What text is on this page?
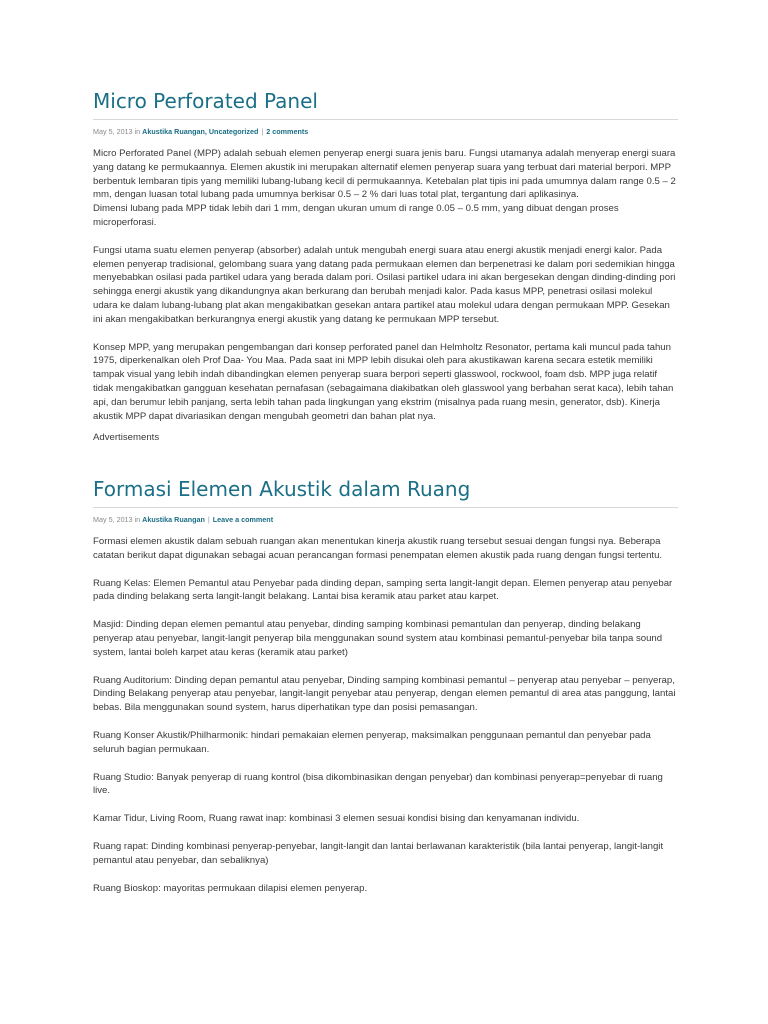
Micro Perforated Panel
May 5, 2013 in Akustika Ruangan, Uncategorized | 2 comments

Micro Perforated Panel (MPP) adalah sebuah elemen penyerap energi suara jenis baru. Fungsi utamanya adalah menyerap energi suara yang datang ke permukaannya. Elemen akustik ini merupakan alternatif elemen penyerap suara yang terbuat dari material berpori. MPP berbentuk lembaran tipis yang memiliki lubang-lubang kecil di permukaannya. Ketebalan plat tipis ini pada umumnya dalam range 0.5 – 2 mm, dengan luasan total lubang pada umumnya berkisar 0.5 – 2 % dari luas total plat, tergantung dari aplikasinya.

Dimensi lubang pada MPP tidak lebih dari 1 mm, dengan ukuran umum di range 0.05 – 0.5 mm, yang dibuat dengan proses microperforasi.

Fungsi utama suatu elemen penyerap (absorber) adalah untuk mengubah energi suara atau energi akustik menjadi energi kalor. Pada elemen penyerap tradisional, gelombang suara yang datang pada permukaan elemen dan berpenetrasi ke dalam pori sedemikian hingga menyebabkan osilasi pada partikel udara yang berada dalam pori. Osilasi partikel udara ini akan bergesekan dengan dinding-dinding pori sehingga energi akustik yang dikandungnya akan berkurang dan berubah menjadi kalor. Pada kasus MPP, penetrasi osilasi molekul udara ke dalam lubang-lubang plat akan mengakibatkan gesekan antara partikel atau molekul udara dengan permukaan MPP. Gesekan ini akan mengakibatkan berkurangnya energi akustik yang datang ke permukaan MPP tersebut.

Konsep MPP, yang merupakan pengembangan dari konsep perforated panel dan Helmholtz Resonator, pertama kali muncul pada tahun 1975, diperkenalkan oleh Prof Daa- You Maa. Pada saat ini MPP lebih disukai oleh para akustikawan karena secara estetik memiliki tampak visual yang lebih indah dibandingkan elemen penyerap suara berpori seperti glasswool, rockwool, foam dsb. MPP juga relatif tidak mengakibatkan gangguan kesehatan pernafasan (sebagaimana diakibatkan oleh glasswool yang berbahan serat kaca), lebih tahan api, dan berumur lebih panjang, serta lebih tahan pada lingkungan yang ekstrim (misalnya pada ruang mesin, generator, dsb). Kinerja akustik MPP dapat divariasikan dengan mengubah geometri dan bahan plat nya.

Advertisements
Formasi Elemen Akustik dalam Ruang
May 5, 2013 in Akustika Ruangan | Leave a comment

Formasi elemen akustik dalam sebuah ruangan akan menentukan kinerja akustik ruang tersebut sesuai dengan fungsi nya. Beberapa catatan berikut dapat digunakan sebagai acuan perancangan formasi penempatan elemen akustik pada ruang dengan fungsi tertentu.

Ruang Kelas: Elemen Pemantul atau Penyebar pada dinding depan, samping serta langit-langit depan. Elemen penyerap atau penyebar pada dinding belakang serta langit-langit belakang. Lantai bisa keramik atau parket atau karpet.

Masjid: Dinding depan elemen pemantul atau penyebar, dinding samping kombinasi pemantulan dan penyerap, dinding belakang penyerap atau penyebar, langit-langit penyerap bila menggunakan sound system atau kombinasi pemantul-penyebar bila tanpa sound system, lantai boleh karpet atau keras (keramik atau parket)

Ruang Auditorium: Dinding depan pemantul atau penyebar, Dinding samping kombinasi pemantul – penyerap atau penyebar – penyerap, Dinding Belakang penyerap atau penyebar, langit-langit penyebar atau penyerap, dengan elemen pemantul di area atas panggung, lantai bebas. Bila menggunakan sound system, harus diperhatikan type dan posisi pemasangan.

Ruang Konser Akustik/Philharmonik: hindari pemakaian elemen penyerap, maksimalkan penggunaan pemantul dan penyebar pada seluruh bagian permukaan.

Ruang Studio: Banyak penyerap di ruang kontrol (bisa dikombinasikan dengan penyebar) dan kombinasi penyerap=penyebar di ruang live.

Kamar Tidur, Living Room, Ruang rawat inap: kombinasi 3 elemen sesuai kondisi bising dan kenyamanan individu.

Ruang rapat: Dinding kombinasi penyerap-penyebar, langit-langit dan lantai berlawanan karakteristik (bila lantai penyerap, langit-langit pemantul atau penyebar, dan sebaliknya)

Ruang Bioskop: mayoritas permukaan dilapisi elemen penyerap.
